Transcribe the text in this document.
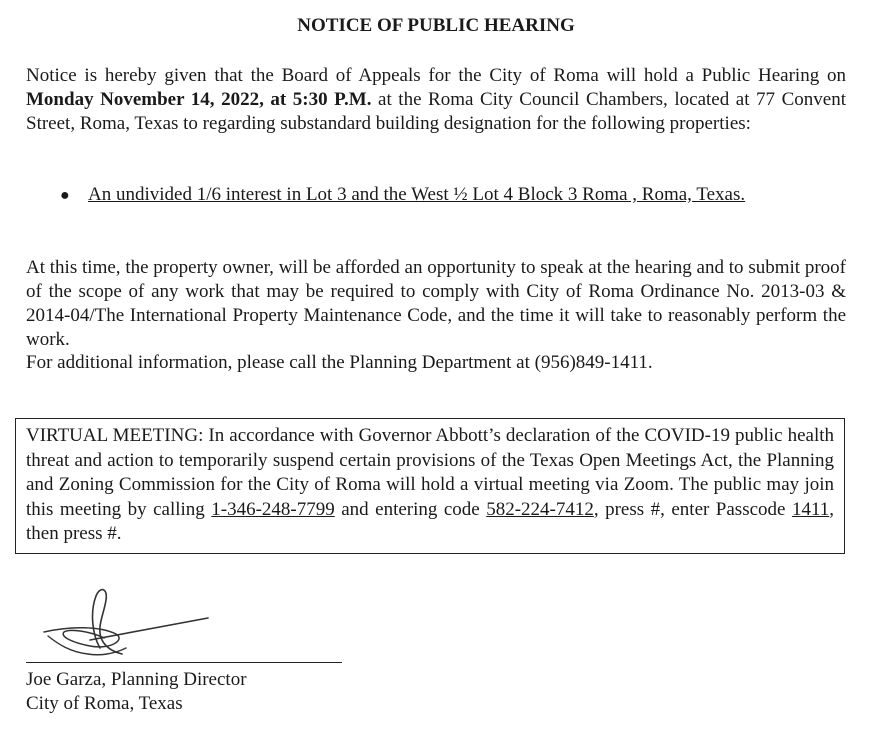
NOTICE OF PUBLIC HEARING

Notice is hereby given that the Board of Appeals for the City of Roma will hold a Public Hearing on Monday November 14, 2022, at 5:30 P.M. at the Roma City Council Chambers, located at 77 Convent Street, Roma, Texas to regarding substandard building designation for the following properties:

● An undivided 1/6 interest in Lot 3 and the West ½ Lot 4 Block 3 Roma , Roma, Texas.

At this time, the property owner, will be afforded an opportunity to speak at the hearing and to submit proof of the scope of any work that may be required to comply with City of Roma Ordinance No. 2013-03 & 2014-04/The International Property Maintenance Code, and the time it will take to reasonably perform the work.

For additional information, please call the Planning Department at (956)849-1411.

VIRTUAL MEETING: In accordance with Governor Abbott’s declaration of the COVID-19 public health threat and action to temporarily suspend certain provisions of the Texas Open Meetings Act, the Planning and Zoning Commission for the City of Roma will hold a virtual meeting via Zoom. The public may join this meeting by calling 1-346-248-7799 and entering code 582-224-7412, press #, enter Passcode 1411, then press #.

Joe Garza, Planning Director
City of Roma, Texas
